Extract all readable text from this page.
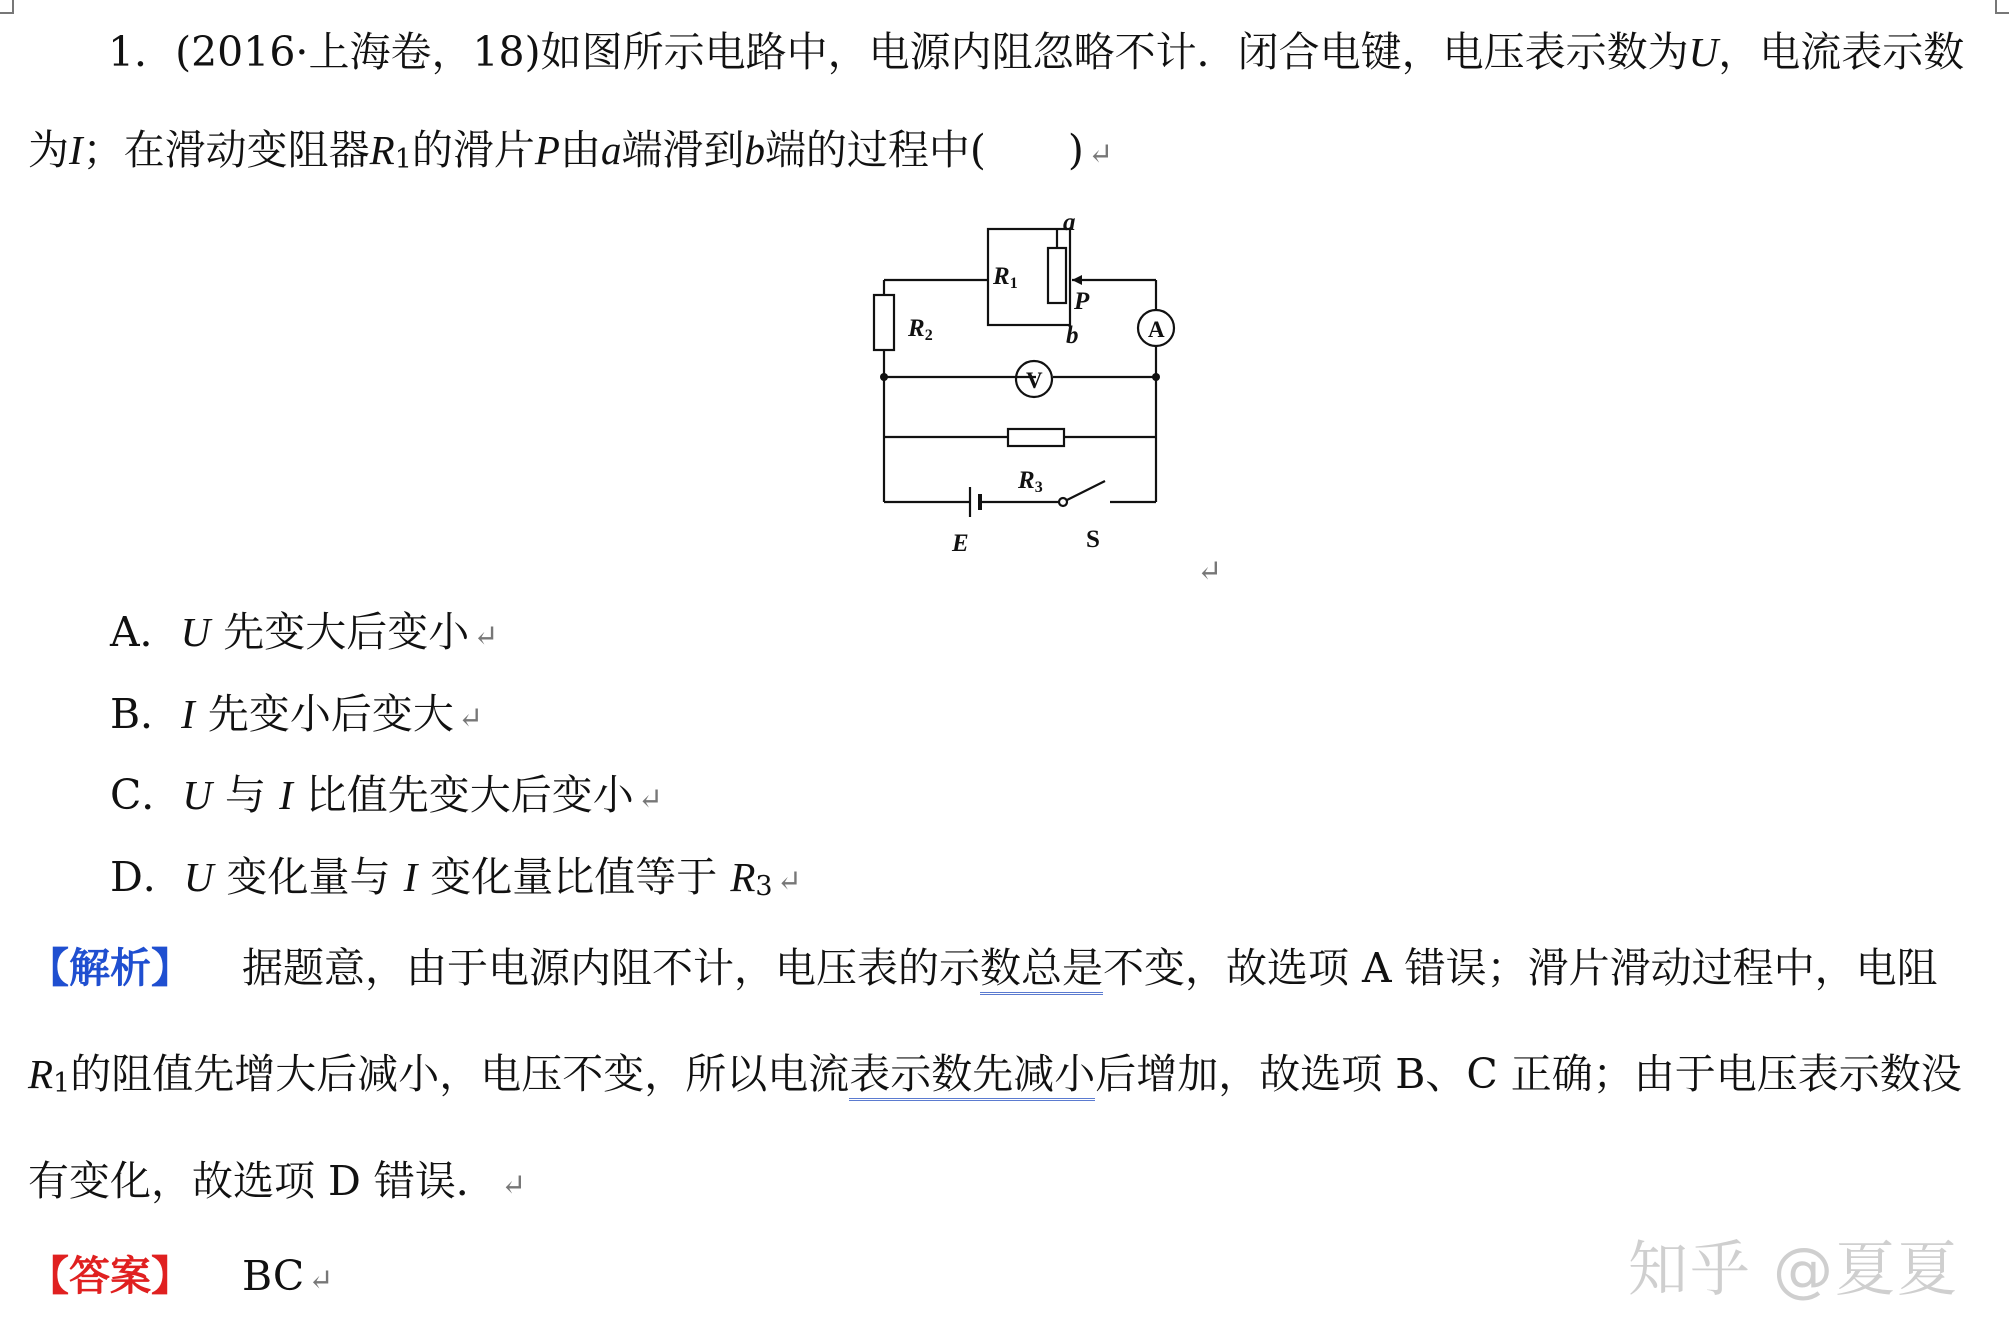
1．(2016·上海卷，18)如图所示电路中，电源内阻忽略不计．闭合电键，电压表示数为U，电流表示数
为I；在滑动变阻器R1的滑片P由a端滑到b端的过程中(　　) ↵
R1
a
P
b
R2	A
V
R3
E	S
↵
A．U 先变大后变小 ↵
B．I 先变小后变大 ↵
C．U 与 I 比值先变大后变小 ↵
D．U 变化量与 I 变化量比值等于 R3 ↵
【解析】 据题意，由于电源内阻不计，电压表的示数总是不变，故选项 A 错误；滑片滑动过程中，电阻
R1的阻值先增大后减小，电压不变，所以电流表示数先减小后增加，故选项 B、C 正确；由于电压表示数没
有变化，故选项 D 错误． ↵
【答案】 BC ↵	知乎 @夏夏
